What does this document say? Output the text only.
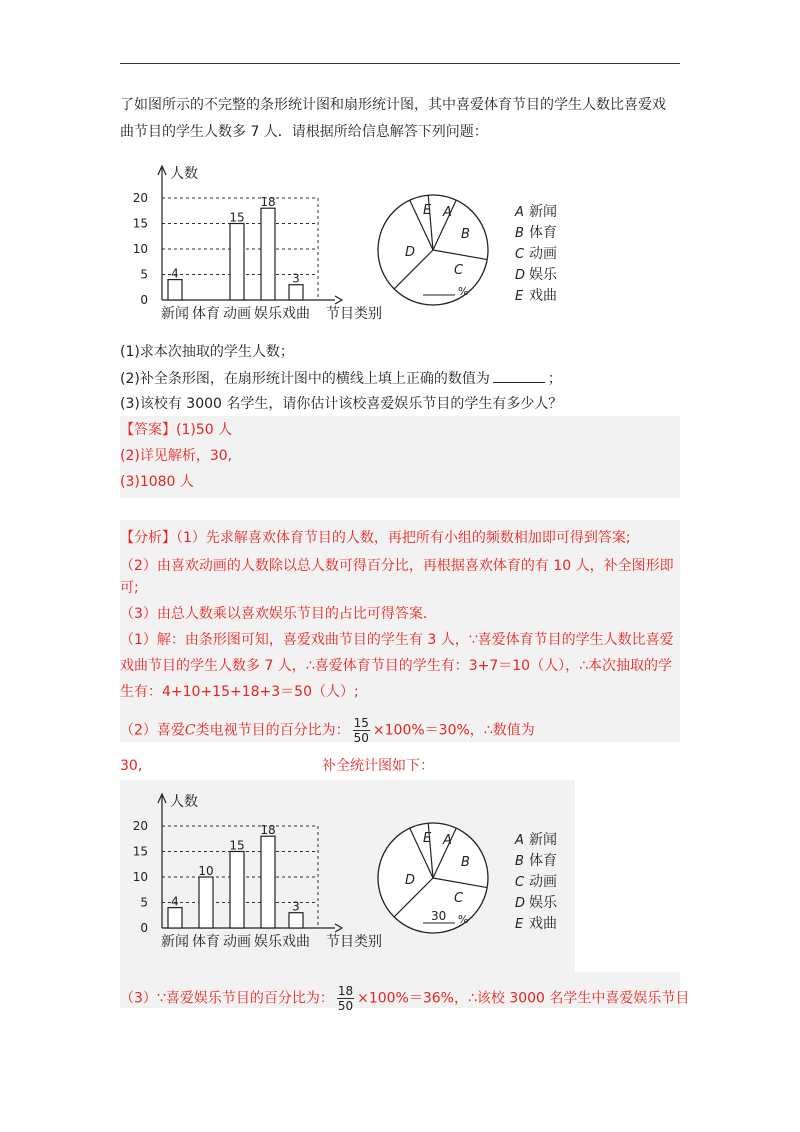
了如图所示的不完整的条形统计图和扇形统计图，其中喜爱体育节目的学生人数比喜爱戏
曲节目的学生人数多 7 人．请根据所给信息解答下列问题：
0
5
10
15
20
人数
节目类别
新闻
4
体育 动画
15
娱乐
18
戏曲
3
A
B
C
D
E
%
A 新闻
B 体育
C 动画
D 娱乐
E 戏曲
(1)求本次抽取的学生人数；
(2)补全条形图，在扇形统计图中的横线上填上正确的数值为	；
(3)该校有 3000 名学生，请你估计该校喜爱娱乐节目的学生有多少人？
【答案】(1)50 人
(2)详见解析，30,
(3)1080 人
【分析】（1）先求解喜欢体育节目的人数，再把所有小组的频数相加即可得到答案;
（2）由喜欢动画的人数除以总人数可得百分比，再根据喜欢体育的有 10 人，补全图形即
可;
（3）由总人数乘以喜欢娱乐节目的占比可得答案．
（1）解：由条形图可知，喜爱戏曲节目的学生有 3 人，∵喜爱体育节目的学生人数比喜爱
戏曲节目的学生人数多 7 人，∴喜爱体育节目的学生有：3+7＝10（人），∴本次抽取的学
生有：4+10+15+18+3＝50（人）;
（2）喜爱C类电视节目的百分比为： $\frac{15}{50} \times 100\%=30\%$，∴数值为
30,	补全统计图如下：
0
5
10
15
20
人数
节目类别
新闻
4
体育
10
动画
15
娱乐
18
戏曲
3
A
B
C
D
E
30 %
A 新闻
B 体育
C 动画
D 娱乐
E 戏曲
（3）∵喜爱娱乐节目的百分比为： $\frac{18}{50} \times 100\%=36\%$，∴该校 3000 名学生中喜爱娱乐节目
